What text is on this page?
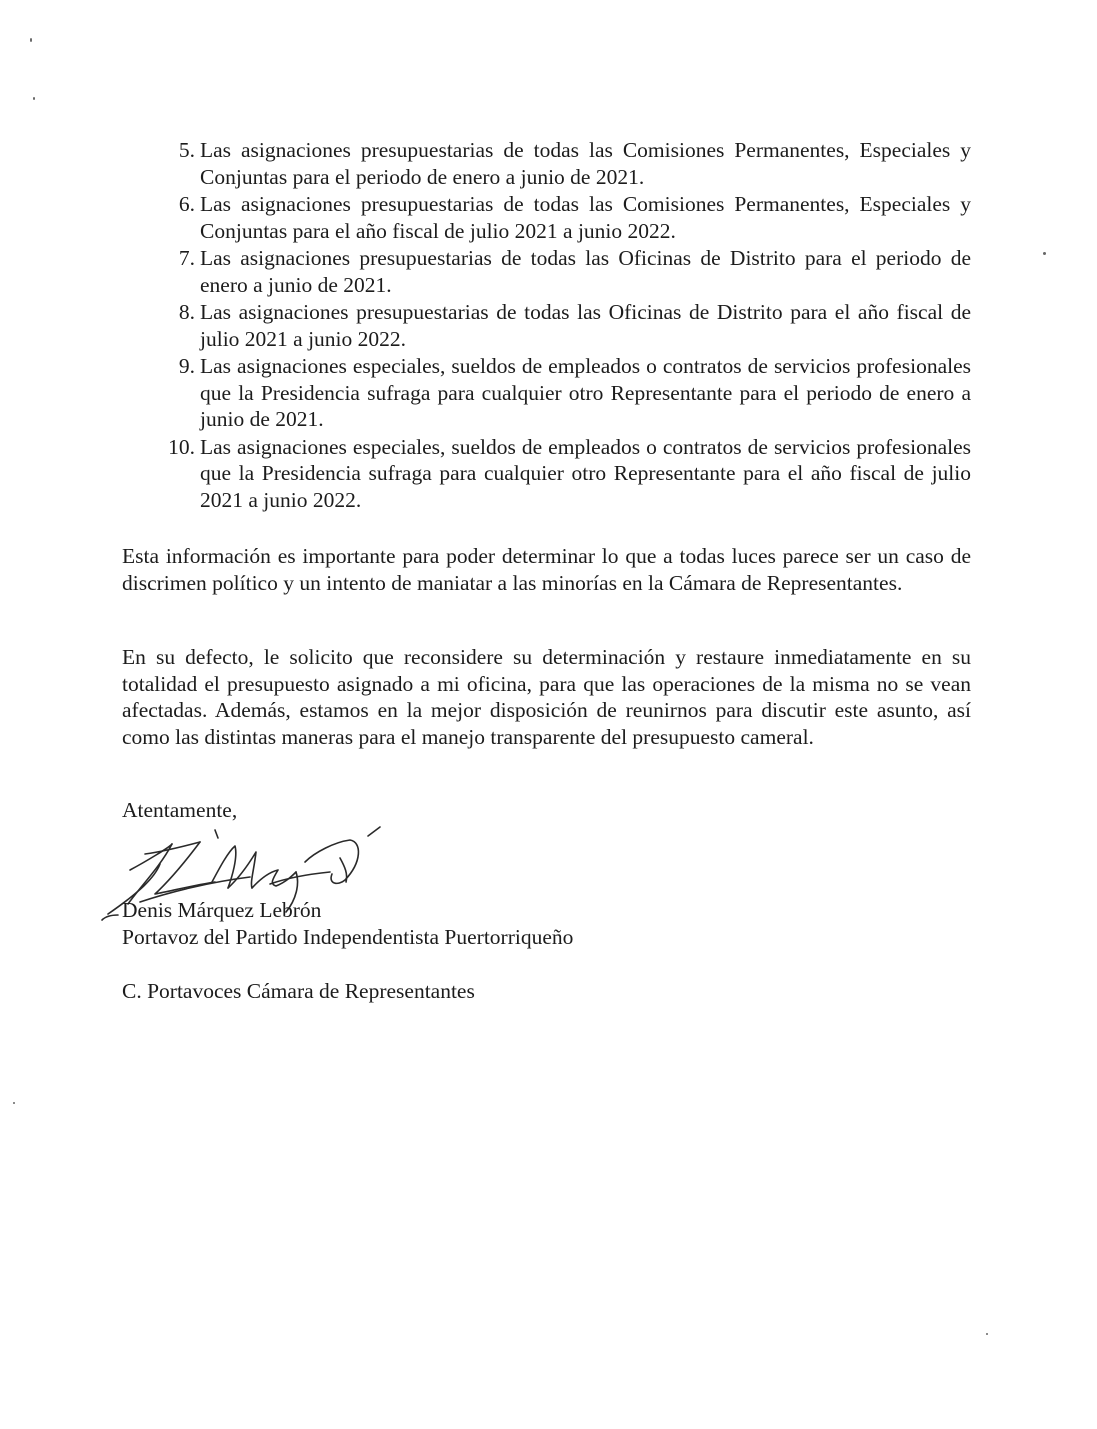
5. Las asignaciones presupuestarias de todas las Comisiones Permanentes, Especiales y Conjuntas para el periodo de enero a junio de 2021.
6. Las asignaciones presupuestarias de todas las Comisiones Permanentes, Especiales y Conjuntas para el año fiscal de julio 2021 a junio 2022.
7. Las asignaciones presupuestarias de todas las Oficinas de Distrito para el periodo de enero a junio de 2021.
8. Las asignaciones presupuestarias de todas las Oficinas de Distrito para el año fiscal de julio 2021 a junio 2022.
9. Las asignaciones especiales, sueldos de empleados o contratos de servicios profesionales que la Presidencia sufraga para cualquier otro Representante para el periodo de enero a junio de 2021.
10. Las asignaciones especiales, sueldos de empleados o contratos de servicios profesionales que la Presidencia sufraga para cualquier otro Representante para el año fiscal de julio 2021 a junio 2022.

Esta información es importante para poder determinar lo que a todas luces parece ser un caso de discrimen político y un intento de maniatar a las minorías en la Cámara de Representantes.

En su defecto, le solicito que reconsidere su determinación y restaure inmediatamente en su totalidad el presupuesto asignado a mi oficina, para que las operaciones de la misma no se vean afectadas. Además, estamos en la mejor disposición de reunirnos para discutir este asunto, así como las distintas maneras para el manejo transparente del presupuesto cameral.

Atentamente,

Denis Márquez Lebrón

Portavoz del Partido Independentista Puertorriqueño

C. Portavoces Cámara de Representantes
